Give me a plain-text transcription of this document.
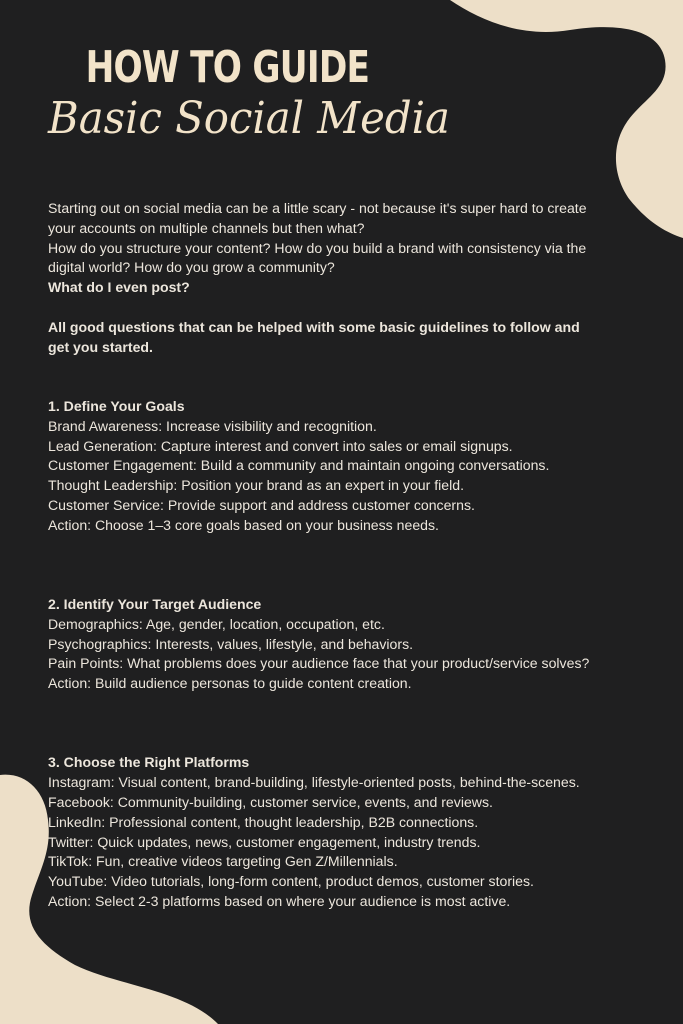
HOW TO GUIDE
Basic Social Media

Starting out on social media can be a little scary - not because it's super hard to create

your accounts on multiple channels but then what?

How do you structure your content? How do you build a brand with consistency via the

digital world? How do you grow a community?

What do I even post?

All good questions that can be helped with some basic guidelines to follow and

get you started.

1. Define Your Goals

Brand Awareness: Increase visibility and recognition.

Lead Generation: Capture interest and convert into sales or email signups.

Customer Engagement: Build a community and maintain ongoing conversations.

Thought Leadership: Position your brand as an expert in your field.

Customer Service: Provide support and address customer concerns.

Action: Choose 1–3 core goals based on your business needs.

2. Identify Your Target Audience

Demographics: Age, gender, location, occupation, etc.

Psychographics: Interests, values, lifestyle, and behaviors.

Pain Points: What problems does your audience face that your product/service solves?

Action: Build audience personas to guide content creation.

3. Choose the Right Platforms

Instagram: Visual content, brand-building, lifestyle-oriented posts, behind-the-scenes.

Facebook: Community-building, customer service, events, and reviews.

LinkedIn: Professional content, thought leadership, B2B connections.

Twitter: Quick updates, news, customer engagement, industry trends.

TikTok: Fun, creative videos targeting Gen Z/Millennials.

YouTube: Video tutorials, long-form content, product demos, customer stories.

Action: Select 2-3 platforms based on where your audience is most active.
